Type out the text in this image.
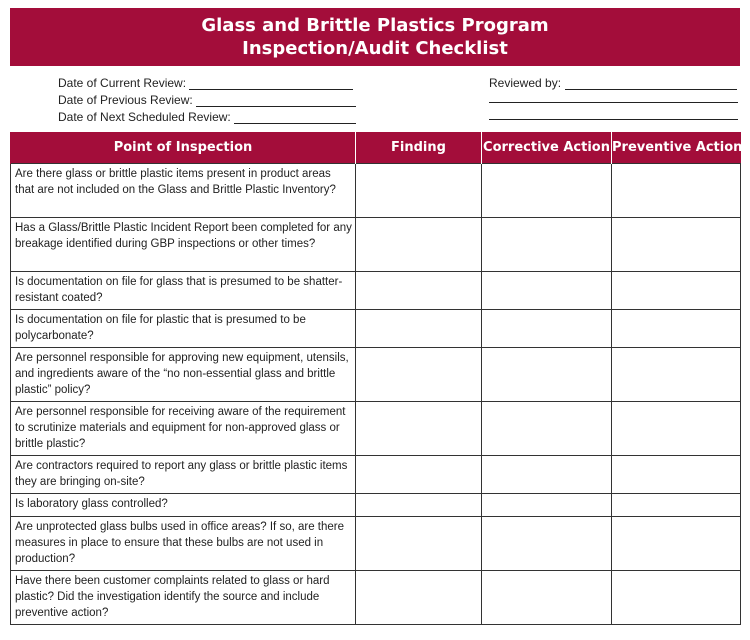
Glass and Brittle Plastics Program
Inspection/Audit Checklist
Date of Current Review:
Date of Previous Review:
Date of Next Scheduled Review:
Reviewed by:
Point of Inspection	Finding	Corrective Action	Preventive Action
Are there glass or brittle plastic items present in product areas that are not included on the Glass and Brittle Plastic Inventory?			
Has a Glass/Brittle Plastic Incident Report been completed for any breakage identified during GBP inspections or other times?			
Is documentation on file for glass that is presumed to be shatter-resistant coated?			
Is documentation on file for plastic that is presumed to be polycarbonate?			
Are personnel responsible for approving new equipment, utensils, and ingredients aware of the “no non-essential glass and brittle plastic” policy?			
Are personnel responsible for receiving aware of the requirement to scrutinize materials and equipment for non-approved glass or brittle plastic?			
Are contractors required to report any glass or brittle plastic items they are bringing on-site?			
Is laboratory glass controlled?			
Are unprotected glass bulbs used in office areas? If so, are there measures in place to ensure that these bulbs are not used in production?			
Have there been customer complaints related to glass or hard plastic? Did the investigation identify the source and include preventive action?			
